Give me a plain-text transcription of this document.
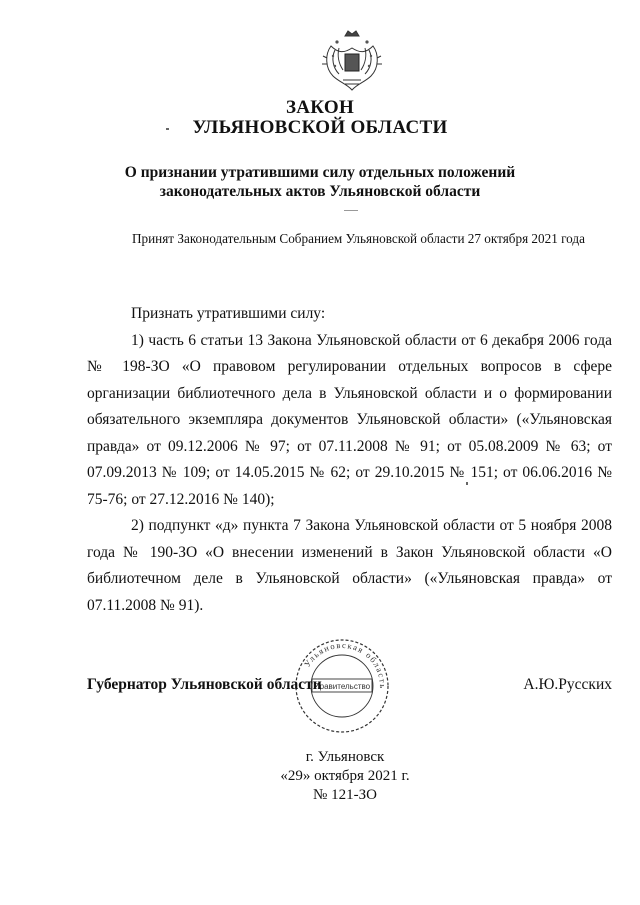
ЗАКОН
УЛЬЯНОВСКОЙ ОБЛАСТИ
О признании утратившими силу отдельных положений
законодательных актов Ульяновской области
Принят Законодательным Собранием Ульяновской области 27 октября 2021 года

Признать утратившими силу:

1) часть 6 статьи 13 Закона Ульяновской области от 6 декабря 2006 года № 198-ЗО «О правовом регулировании отдельных вопросов в сфере организации библиотечного дела в Ульяновской области и о формировании обязательного экземпляра документов Ульяновской области» («Ульяновская правда» от 09.12.2006 № 97; от 07.11.2008 № 91; от 05.08.2009 № 63; от 07.09.2013 № 109; от 14.05.2015 № 62; от 29.10.2015 № 151; от 06.06.2016 № 75-76; от 27.12.2016 № 140);

2) подпункт «д» пункта 7 Закона Ульяновской области от 5 ноября 2008 года № 190-ЗО «О внесении изменений в Закон Ульяновской области «О библиотечном деле в Ульяновской области» («Ульяновская правда» от 07.11.2008 № 91).

Ульяновская область
Правительство
Губернатор Ульяновской области	А.Ю.Русских
г. Ульяновск
«29» октября 2021 г.
№ 121-ЗО
